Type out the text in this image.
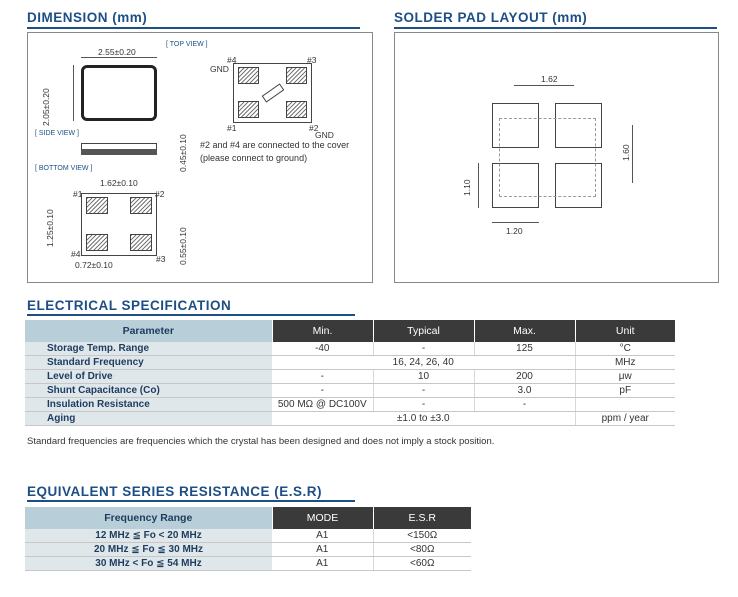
DIMENSION (mm)
[ TOP VIEW ]
2.55±0.20
2.05±0.20
[ SIDE VIEW ]
0.45±0.10
[ BOTTOM VIEW ]
1.62±0.10
#1	#2
1.25±0.10
#4	#3
0.72±0.10	0.55±0.10
GND
#4	#3
#1	#2
GND
#2 and #4 are connected to the cover
(please connect to ground)
SOLDER PAD LAYOUT (mm)
1.62
1.60
1.10
1.20
ELECTRICAL SPECIFICATION
Parameter	Min.	Typical	Max.	Unit
Storage Temp. Range	-40	-	125	°C
Standard Frequency	16, 24, 26, 40			MHz
Level of Drive	-	10	200	μw
Shunt Capacitance (Co)	-	-	3.0	pF
Insulation Resistance	500 MΩ @ DC100V	-	-	
Aging	±1.0 to ±3.0			ppm / year
Standard frequencies are frequencies which the crystal has been designed and does not imply a stock position.
EQUIVALENT SERIES RESISTANCE (E.S.R)
Frequency Range	MODE	E.S.R
12 MHz ≦ Fo < 20 MHz	A1	<150Ω
20 MHz ≦ Fo ≦ 30 MHz	A1	<80Ω
30 MHz < Fo ≦ 54 MHz	A1	<60Ω
